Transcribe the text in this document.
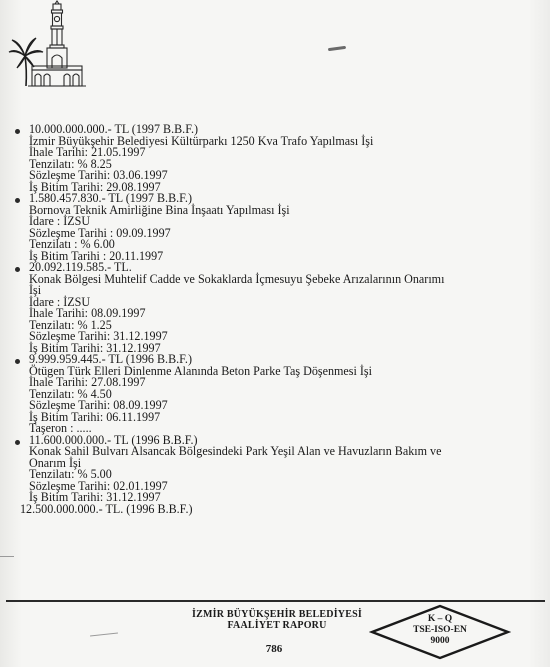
10.000.000.000.- TL (1997 B.B.F.)
İzmir Büyükşehir Belediyesi Kültürparkı 1250 Kva Trafo Yapılması İşi
İhale Tarihi: 21.05.1997
Tenzilatı: % 8.25
Sözleşme Tarihi: 03.06.1997
İş Bitim Tarihi: 29.08.1997
1.580.457.830.- TL (1997 B.B.F.)
Bornova Teknik Amirliğine Bina İnşaatı Yapılması İşi
İdare : İZSU
Sözleşme Tarihi : 09.09.1997
Tenzilatı : % 6.00
İş Bitim Tarihi : 20.11.1997
20.092.119.585.- TL.
Konak Bölgesi Muhtelif Cadde ve Sokaklarda İçmesuyu Şebeke Arızalarının Onarımı
İşi
İdare : İZSU
İhale Tarihi: 08.09.1997
Tenzilatı: % 1.25
Sözleşme Tarihi: 31.12.1997
İş Bitim Tarihi: 31.12.1997
9.999.959.445.- TL (1996 B.B.F.)
Ötügen Türk Elleri Dinlenme Alanında Beton Parke Taş Döşenmesi İşi
İhale Tarihi: 27.08.1997
Tenzilatı: % 4.50
Sözleşme Tarihi: 08.09.1997
İş Bitim Tarihi: 06.11.1997
Taşeron : .....
11.600.000.000.- TL (1996 B.B.F.)
Konak Sahil Bulvarı Alsancak Bölgesindeki Park Yeşil Alan ve Havuzların Bakım ve
Onarım İşi
Tenzilatı: % 5.00
Sözleşme Tarihi: 02.01.1997
İş Bitim Tarihi: 31.12.1997
12.500.000.000.- TL. (1996 B.B.F.)
İZMİR BÜYÜKŞEHİR BELEDİYESİ
FAALİYET RAPORU
786
K – Q
TSE-ISO-EN
9000
